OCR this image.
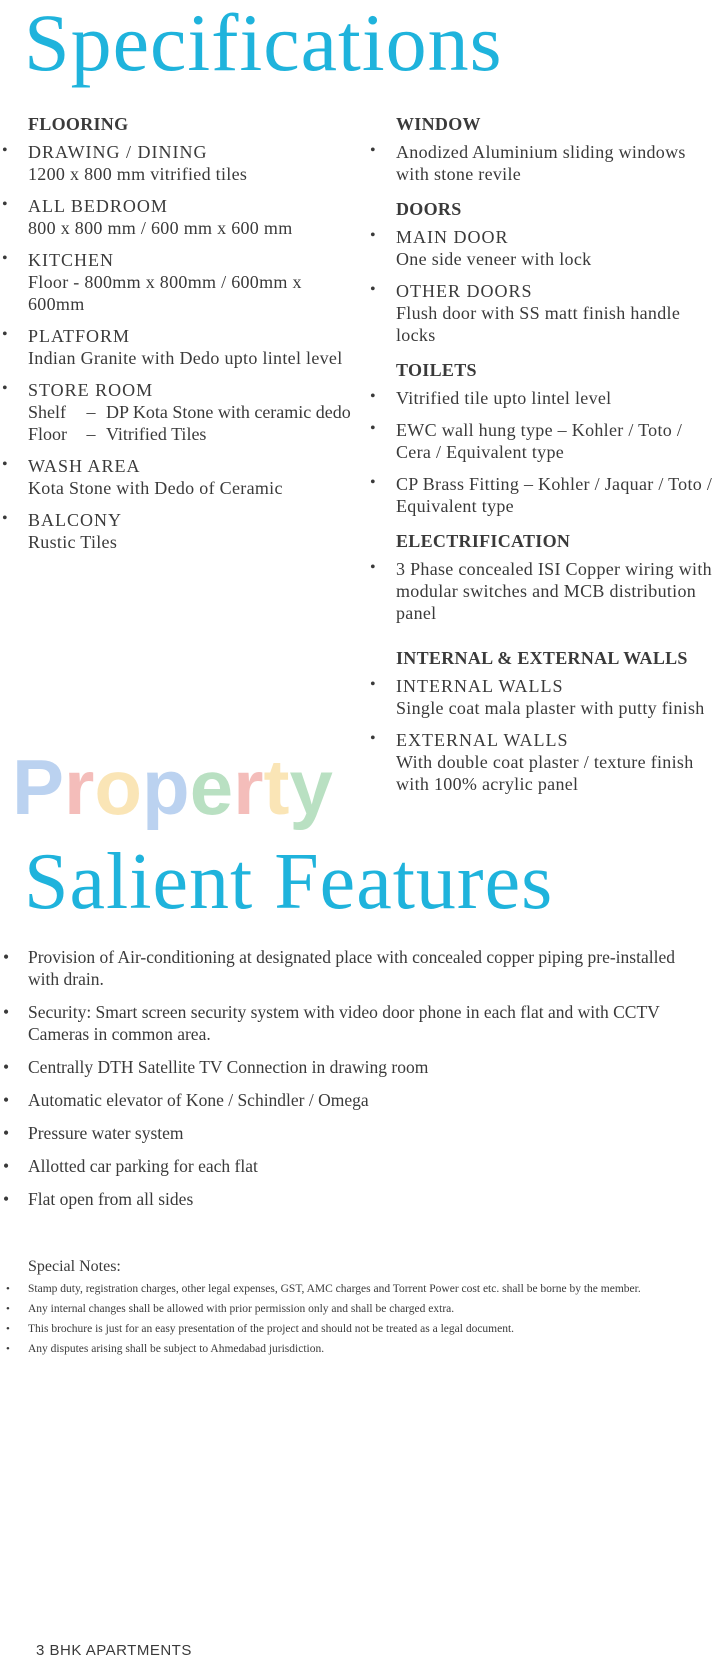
Specifications
FLOORING
• DRAWING / DINING
1200 x 800 mm vitrified tiles
• ALL BEDROOM
800 x 800 mm / 600 mm x 600 mm
• KITCHEN
Floor - 800mm x 800mm / 600mm x 600mm
• PLATFORM
Indian Granite with Dedo upto lintel level
• STORE ROOM
Shelf	–	DP Kota Stone with ceramic dedo
Floor	–	Vitrified Tiles
• WASH AREA
Kota Stone with Dedo of Ceramic
• BALCONY
Rustic Tiles
WINDOW
• Anodized Aluminium sliding windows with stone revile
DOORS
• MAIN DOOR
One side veneer with lock
• OTHER DOORS
Flush door with SS matt finish handle locks
TOILETS
• Vitrified tile upto lintel level
• EWC wall hung type – Kohler / Toto / Cera / Equivalent type
• CP Brass Fitting – Kohler / Jaquar / Toto / Equivalent type
ELECTRIFICATION
• 3 Phase concealed ISI Copper wiring with modular switches and MCB distribution panel
INTERNAL & EXTERNAL WALLS
• INTERNAL WALLS
Single coat mala plaster with putty finish
• EXTERNAL WALLS
With double coat plaster / texture finish with 100% acrylic panel
Property
Salient Features
• Provision of Air-conditioning at designated place with concealed copper piping pre-installed with drain.
• Security: Smart screen security system with video door phone in each flat and with CCTV Cameras in common area.
• Centrally DTH Satellite TV Connection in drawing room
• Automatic elevator of Kone / Schindler / Omega
• Pressure water system
• Allotted car parking for each flat
• Flat open from all sides
Special Notes:
• Stamp duty, registration charges, other legal expenses, GST, AMC charges and Torrent Power cost etc. shall be borne by the member.
• Any internal changes shall be allowed with prior permission only and shall be charged extra.
• This brochure is just for an easy presentation of the project and should not be treated as a legal document.
• Any disputes arising shall be subject to Ahmedabad jurisdiction.
3 BHK APARTMENTS
